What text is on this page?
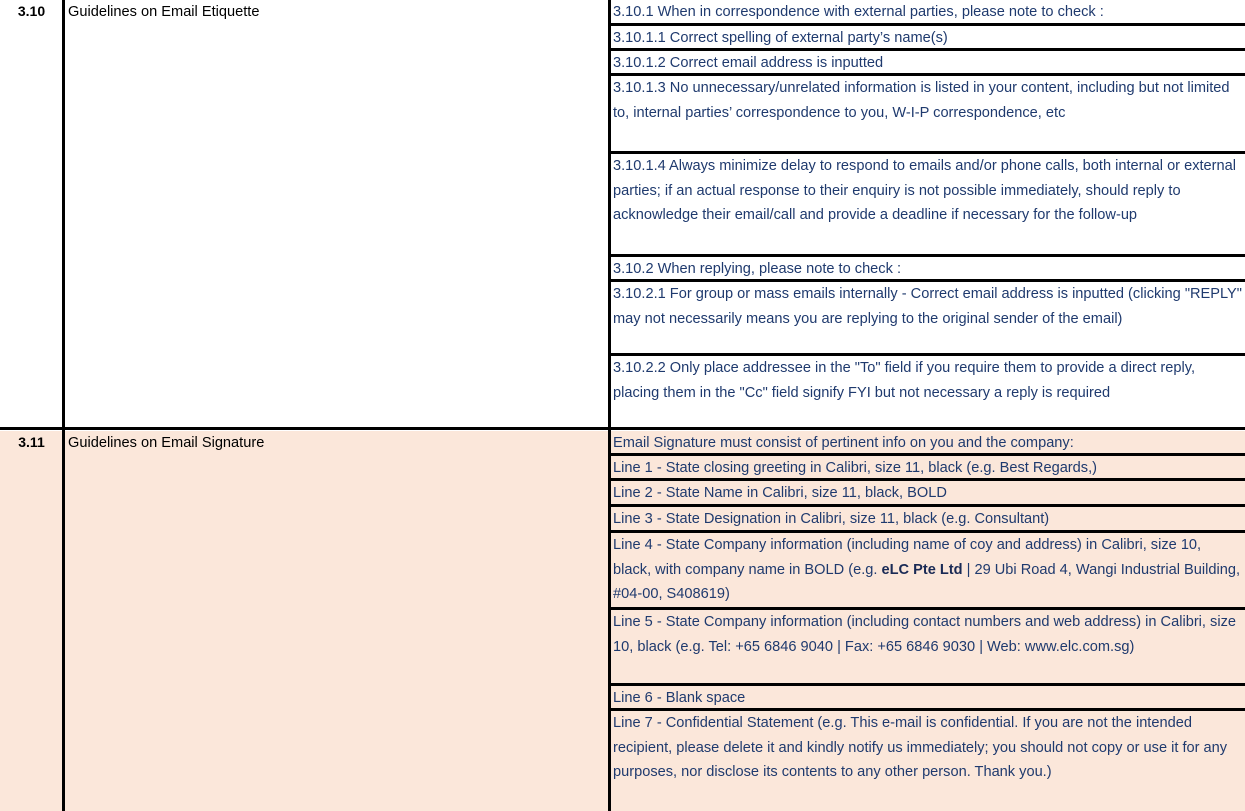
3.10	Guidelines on Email Etiquette	3.10.1 When in correspondence with external parties, please note to check :
3.10.1.1 Correct spelling of external party’s name(s)
3.10.1.2 Correct email address is inputted
3.10.1.3 No unnecessary/unrelated information is listed in your content, including but not limited to, internal parties’ correspondence to you, W-I-P correspondence, etc
3.10.1.4 Always minimize delay to respond to emails and/or phone calls, both internal or external parties; if an actual response to their enquiry is not possible immediately, should reply to acknowledge their email/call and provide a deadline if necessary for the follow-up
3.10.2 When replying, please note to check :
3.10.2.1 For group or mass emails internally - Correct email address is inputted (clicking "REPLY" may not necessarily means you are replying to the original sender of the email)
3.10.2.2 Only place addressee in the "To" field if you require them to provide a direct reply, placing them in the "Cc" field signify FYI but not necessary a reply is required
3.11	Guidelines on Email Signature	Email Signature must consist of pertinent info on you and the company:
Line 1 - State closing greeting in Calibri, size 11, black (e.g. Best Regards,)
Line 2 - State Name in Calibri, size 11, black, BOLD
Line 3 - State Designation in Calibri, size 11, black (e.g. Consultant)
Line 4 - State Company information (including name of coy and address) in Calibri, size 10, black, with company name in BOLD (e.g. eLC Pte Ltd | 29 Ubi Road 4, Wangi Industrial Building, #04-00, S408619)
Line 5 - State Company information (including contact numbers and web address) in Calibri, size 10, black (e.g. Tel: +65 6846 9040 | Fax: +65 6846 9030 | Web: www.elc.com.sg)
Line 6 - Blank space
Line 7 - Confidential Statement (e.g. This e-mail is confidential. If you are not the intended recipient, please delete it and kindly notify us immediately; you should not copy or use it for any purposes, nor disclose its contents to any other person. Thank you.)
